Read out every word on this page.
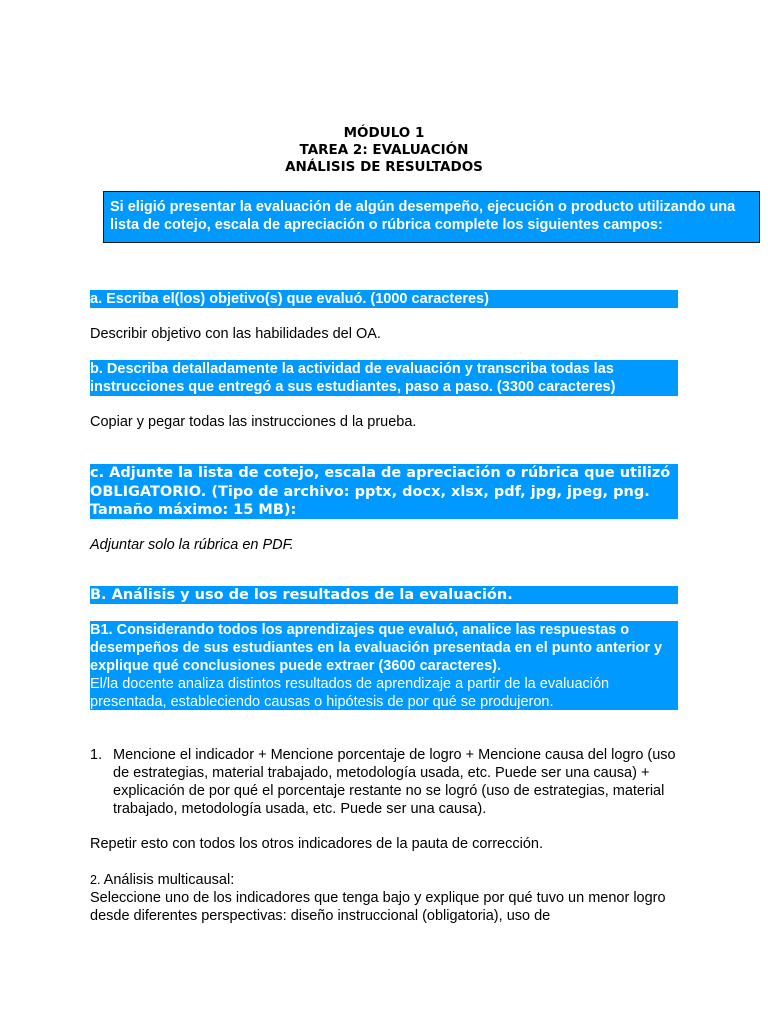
MÓDULO 1
TAREA 2: EVALUACIÓN
ANÁLISIS DE RESULTADOS
Si eligió presentar la evaluación de algún desempeño, ejecución o producto utilizando una lista de cotejo, escala de apreciación o rúbrica complete los siguientes campos:
a. Escriba el(los) objetivo(s) que evaluó. (1000 caracteres)
Describir objetivo con las habilidades del OA.
b. Describa detalladamente la actividad de evaluación y transcriba todas las instrucciones que entregó a sus estudiantes, paso a paso. (3300 caracteres)
Copiar y pegar todas las instrucciones d la prueba.
c. Adjunte la lista de cotejo, escala de apreciación o rúbrica que utilizó OBLIGATORIO. (Tipo de archivo: pptx, docx, xlsx, pdf, jpg, jpeg, png. Tamaño máximo: 15 MB):
Adjuntar solo la rúbrica en PDF.
B. Análisis y uso de los resultados de la evaluación.
B1. Considerando todos los aprendizajes que evaluó, analice las respuestas o desempeños de sus estudiantes en la evaluación presentada en el punto anterior y explique qué conclusiones puede extraer (3600 caracteres).
El/la docente analiza distintos resultados de aprendizaje a partir de la evaluación presentada, estableciendo causas o hipótesis de por qué se produjeron.
1. Mencione el indicador + Mencione porcentaje de logro + Mencione causa del logro (uso de estrategias, material trabajado, metodología usada, etc. Puede ser una causa) + explicación de por qué el porcentaje restante no se logró (uso de estrategias, material trabajado, metodología usada, etc. Puede ser una causa).
Repetir esto con todos los otros indicadores de la pauta de corrección.
2. Análisis multicausal:
Seleccione uno de los indicadores que tenga bajo y explique por qué tuvo un menor logro desde diferentes perspectivas: diseño instruccional (obligatoria), uso de
